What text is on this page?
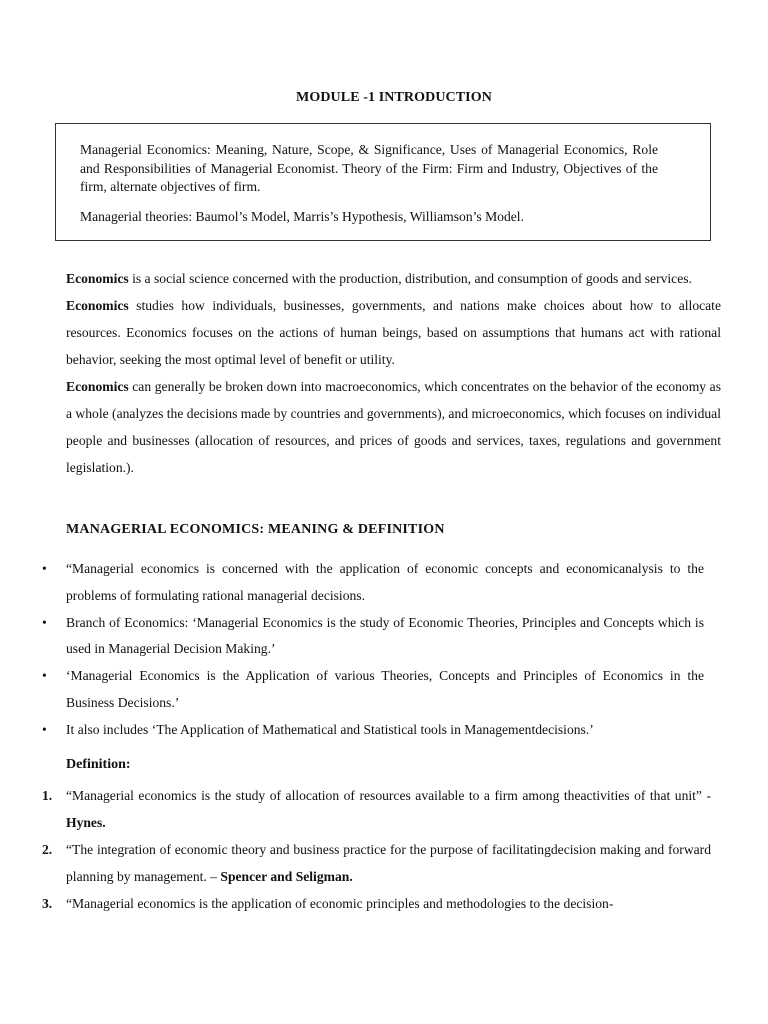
MODULE -1 INTRODUCTION

Managerial Economics: Meaning, Nature, Scope, & Significance, Uses of Managerial Economics, Role and Responsibilities of Managerial Economist. Theory of the Firm: Firm and Industry, Objectives of the firm, alternate objectives of firm.

Managerial theories: Baumol’s Model, Marris’s Hypothesis, Williamson’s Model.

Economics is a social science concerned with the production, distribution, and consumption of goods and services.

Economics studies how individuals, businesses, governments, and nations make choices about how to allocate resources. Economics focuses on the actions of human beings, based on assumptions that humans act with rational behavior, seeking the most optimal level of benefit or utility.

Economics can generally be broken down into macroeconomics, which concentrates on the behavior of the economy as a whole (analyzes the decisions made by countries and governments), and microeconomics, which focuses on individual people and businesses (allocation of resources, and prices of goods and services, taxes, regulations and government legislation.).

MANAGERIAL ECONOMICS: MEANING & DEFINITION
•	“Managerial economics is concerned with the application of economic concepts and economicanalysis to the problems of formulating rational managerial decisions.
•	Branch of Economics: ‘Managerial Economics is the study of Economic Theories, Principles and Concepts which is used in Managerial Decision Making.’
•	‘Managerial Economics is the Application of various Theories, Concepts and Principles of Economics in the Business Decisions.’
•	It also includes ‘The Application of Mathematical and Statistical tools in Managementdecisions.’
Definition:
1. “Managerial economics is the study of allocation of resources available to a firm among theactivities of that unit” - Hynes.
2. “The integration of economic theory and business practice for the purpose of facilitatingdecision making and forward planning by management. – Spencer and Seligman.
3. “Managerial economics is the application of economic principles and methodologies to the decision-
